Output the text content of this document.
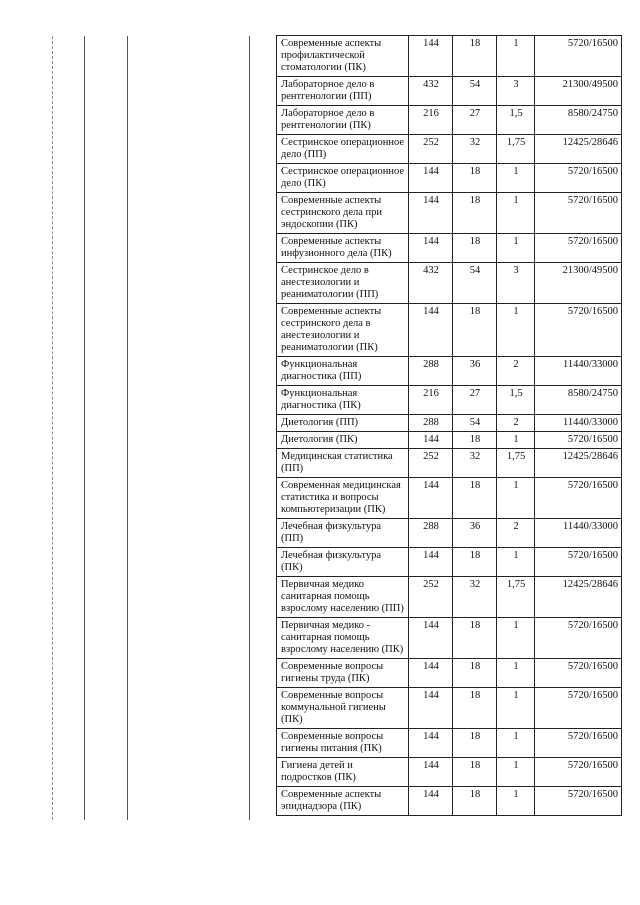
Современные аспекты профилактической стоматологии (ПК)	144	18	1	5720/16500
Лабораторное дело в рентгенологии (ПП)	432	54	3	21300/49500
Лабораторное дело в рентгенологии (ПК)	216	27	1,5	8580/24750
Сестринское операционное дело (ПП)	252	32	1,75	12425/28646
Сестринское операционное дело (ПК)	144	18	1	5720/16500
Современные аспекты сестринского дела при эндоскопии (ПК)	144	18	1	5720/16500
Современные аспекты инфузионного дела (ПК)	144	18	1	5720/16500
Сестринское дело в анестезиологии и реаниматологии (ПП)	432	54	3	21300/49500
Современные аспекты сестринского дела в анестезиологии и реаниматологии (ПК)	144	18	1	5720/16500
Функциональная диагностика (ПП)	288	36	2	11440/33000
Функциональная диагностика (ПК)	216	27	1,5	8580/24750
Диетология (ПП)	288	54	2	11440/33000
Диетология (ПК)	144	18	1	5720/16500
Медицинская статистика (ПП)	252	32	1,75	12425/28646
Современная медицинская статистика и вопросы компьютеризации (ПК)	144	18	1	5720/16500
Лечебная физкультура (ПП)	288	36	2	11440/33000
Лечебная физкультура (ПК)	144	18	1	5720/16500
Первичная медико санитарная помощь взрослому населению (ПП)	252	32	1,75	12425/28646
Первичная медико - санитарная помощь взрослому населению (ПК)	144	18	1	5720/16500
Современные вопросы гигиены труда (ПК)	144	18	1	5720/16500
Современные вопросы коммунальной гигиены (ПК)	144	18	1	5720/16500
Современные вопросы гигиены питания (ПК)	144	18	1	5720/16500
Гигиена детей и подростков (ПК)	144	18	1	5720/16500
Современные аспекты эпиднадзора (ПК)	144	18	1	5720/16500
